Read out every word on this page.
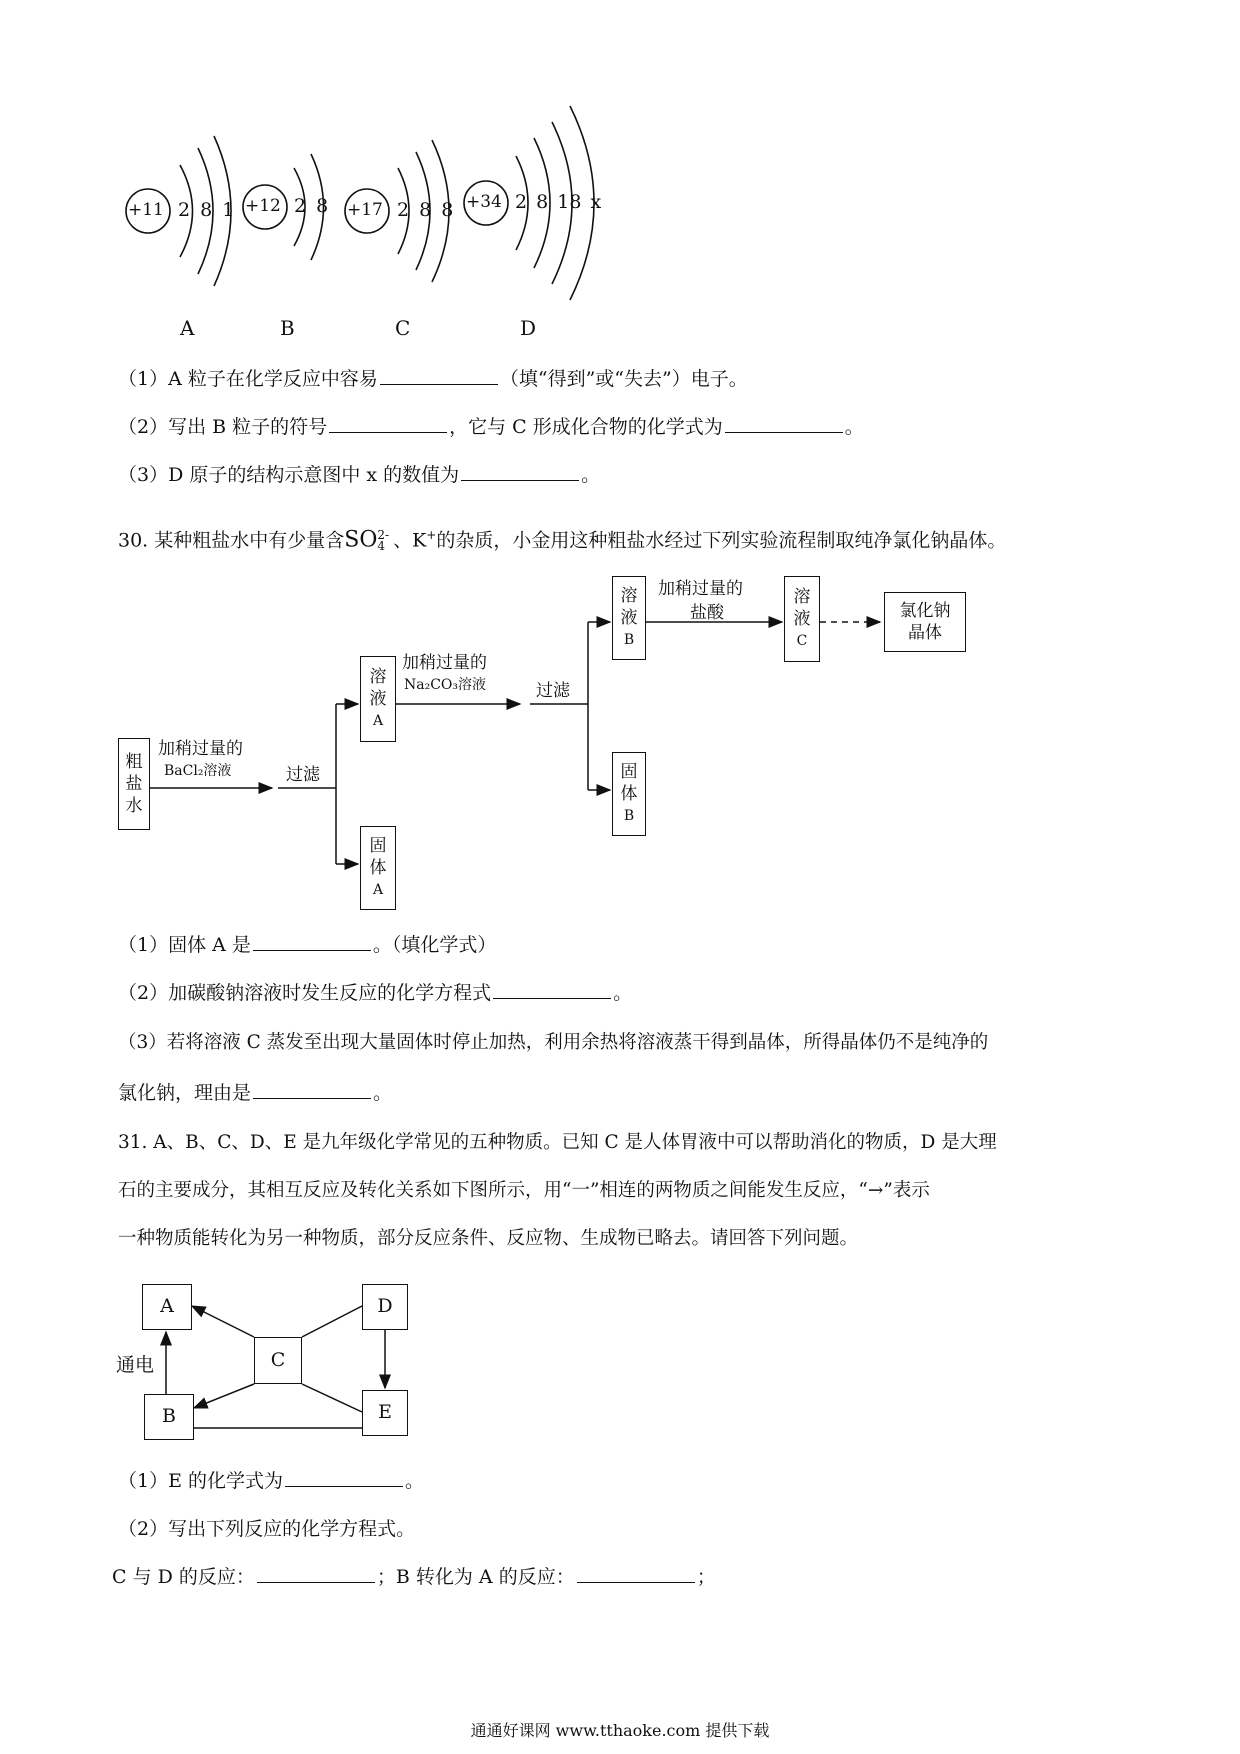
+11 2 8 1 +12 2 8 +17 2 8 8 +34 2 8 18 x
A	B	C	D
（1）A 粒子在化学反应中容易	（填“得到”或“失去”）电子。
（2）写出 B 粒子的符号	，它与 C 形成化合物的化学式为	。
（3）D 原子的结构示意图中 x 的数值为	。
30. 某种粗盐水中有少量含SO 2-
4 、K+的杂质，小金用这种粗盐水经过下列实验流程制取纯净氯化钠晶体。
粗
盐
水
加稍过量的
BaCl₂溶液	过滤
溶
液
A
固
体
A
加稍过量的
Na₂CO₃溶液	过滤
溶
液
B
固
体
B
加稍过量的
盐酸
溶
液
C
氯化钠
晶体
（1）固体 A 是	。（填化学式）
（2）加碳酸钠溶液时发生反应的化学方程式	。
（3）若将溶液 C 蒸发至出现大量固体时停止加热，利用余热将溶液蒸干得到晶体，所得晶体仍不是纯净的
氯化钠，理由是	。
31. A、B、C、D、E 是九年级化学常见的五种物质。已知 C 是人体胃液中可以帮助消化的物质，D 是大理
石的主要成分，其相互反应及转化关系如下图所示，用“一”相连的两物质之间能发生反应，“→”表示
一种物质能转化为另一种物质，部分反应条件、反应物、生成物已略去。请回答下列问题。
A	D
C
B	E
通电
（1）E 的化学式为	。
（2）写出下列反应的化学方程式。
C 与 D 的反应：	；B 转化为 A 的反应：	；
通通好课网 www.tthaoke.com 提供下载
